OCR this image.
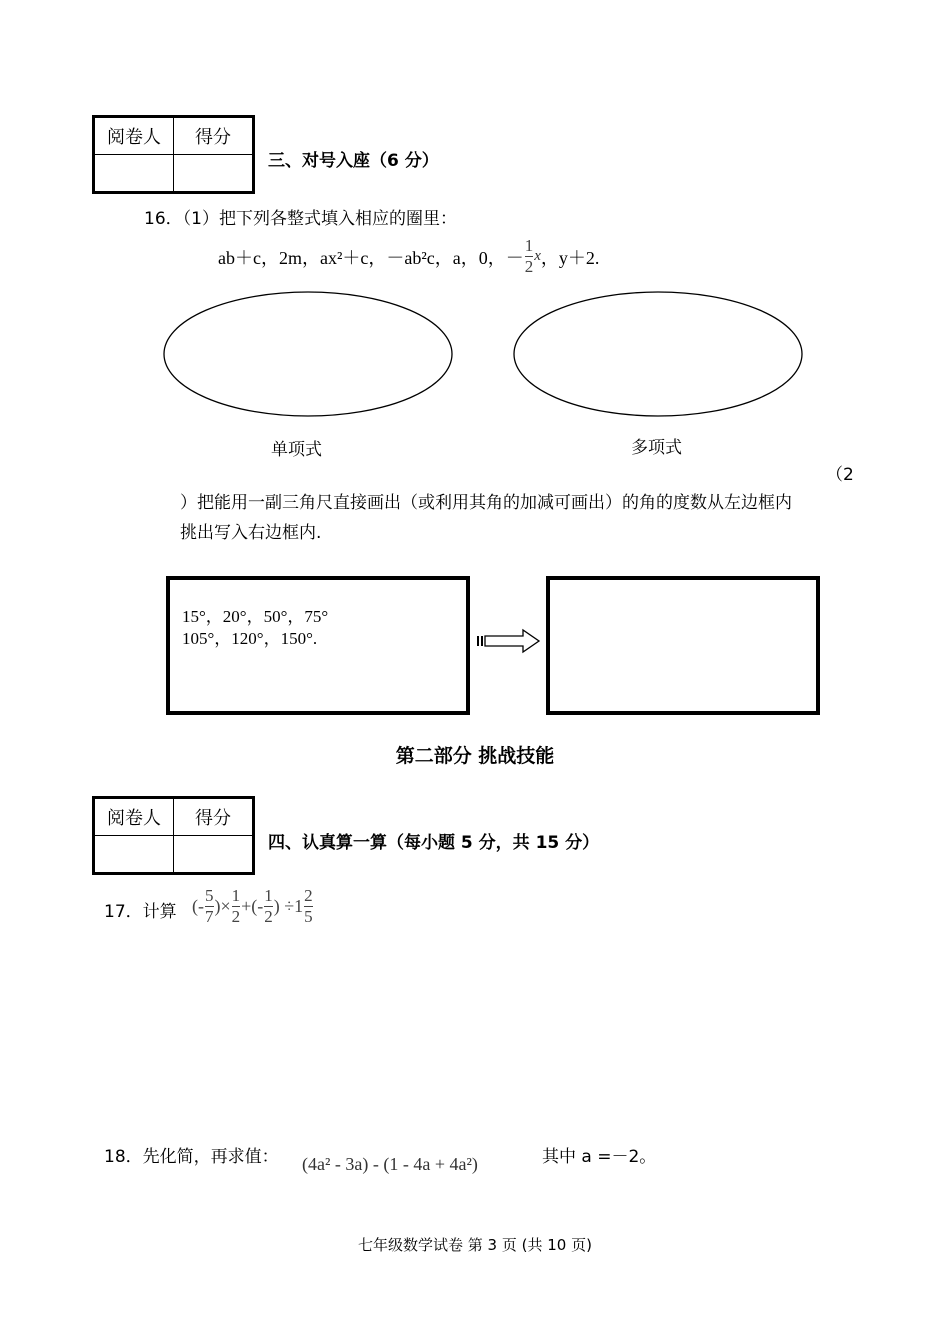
阅卷人	得分

三、对号入座（6 分）
16．（1）把下列各整式填入相应的圈里：
ab＋c，2m，ax²＋c，－ab²c，a，0，－ $\frac{1}{2}$ x ，y＋2.
单项式	多项式
（2
）把能用一副三角尺直接画出（或利用其角的加减可画出）的角的度数从左边框内
挑出写入右边框内.
15°，20°，50°，75°
105°，120°，150°.
第二部分 挑战技能
阅卷人	得分

四、认真算一算（每小题 5 分，共 15 分）
17．计算 (- $\frac{5}{7}$ )× $\frac{1}{2}$ +(- $\frac{1}{2}$ ) $\div 1 \frac{2}{5}$
18．先化简，再求值： (4a² - 3a) - (1 - 4a + 4a²)	其中 a =－2。
七年级数学试卷 第 3 页 (共 10 页)
